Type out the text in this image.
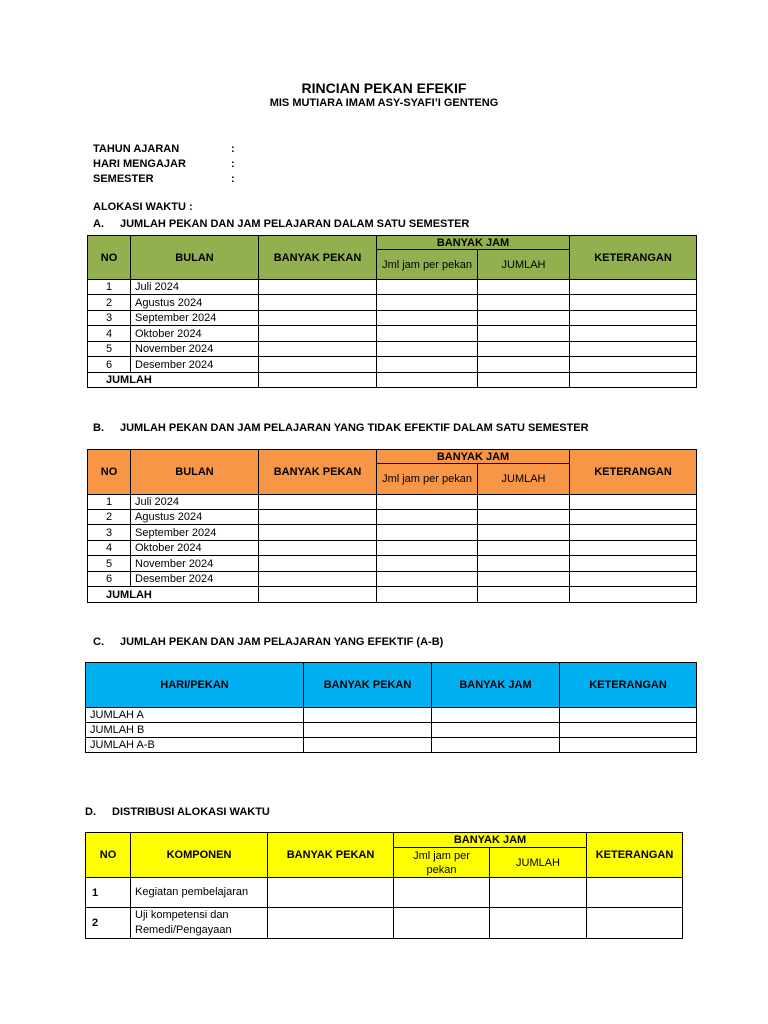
RINCIAN PEKAN EFEKIF
MIS MUTIARA IMAM ASY-SYAFI’I GENTENG
TAHUN AJARAN	:
HARI MENGAJAR	:
SEMESTER	:
ALOKASI WAKTU :
A. JUMLAH PEKAN DAN JAM PELAJARAN DALAM SATU SEMESTER
NO	BULAN	BANYAK PEKAN	BANYAK JAM		KETERANGAN
			Jml jam per pekan	JUMLAH	
1	Juli 2024				
2	Agustus 2024				
3	September 2024				
4	Oktober 2024				
5	November 2024				
6	Desember 2024				
JUMLAH					
B. JUMLAH PEKAN DAN JAM PELAJARAN YANG TIDAK EFEKTIF DALAM SATU SEMESTER
NO	BULAN	BANYAK PEKAN	BANYAK JAM		KETERANGAN
			Jml jam per pekan	JUMLAH	
1	Juli 2024				
2	Agustus 2024				
3	September 2024				
4	Oktober 2024				
5	November 2024				
6	Desember 2024				
JUMLAH					
C. JUMLAH PEKAN DAN JAM PELAJARAN YANG EFEKTIF (A-B)
HARI/PEKAN	BANYAK PEKAN	BANYAK JAM	KETERANGAN
JUMLAH A			
JUMLAH B			
JUMLAH A-B			
D. DISTRIBUSI ALOKASI WAKTU
NO	KOMPONEN	BANYAK PEKAN	BANYAK JAM		KETERANGAN
			Jml jam per pekan	JUMLAH	
1	Kegiatan pembelajaran				
2	Uji kompetensi dan Remedi/Pengayaan				
